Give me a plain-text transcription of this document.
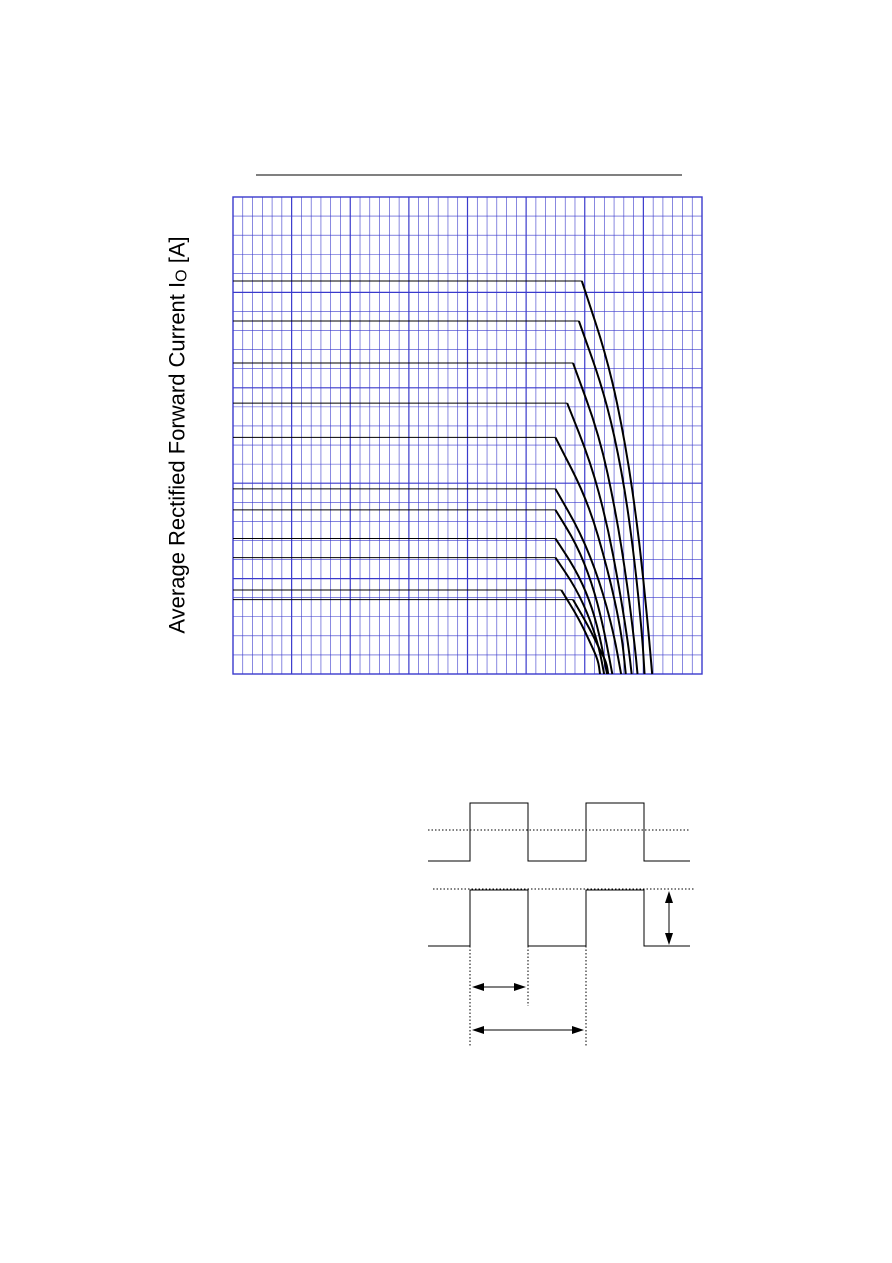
Average Rectified Forward Current IO [A]
